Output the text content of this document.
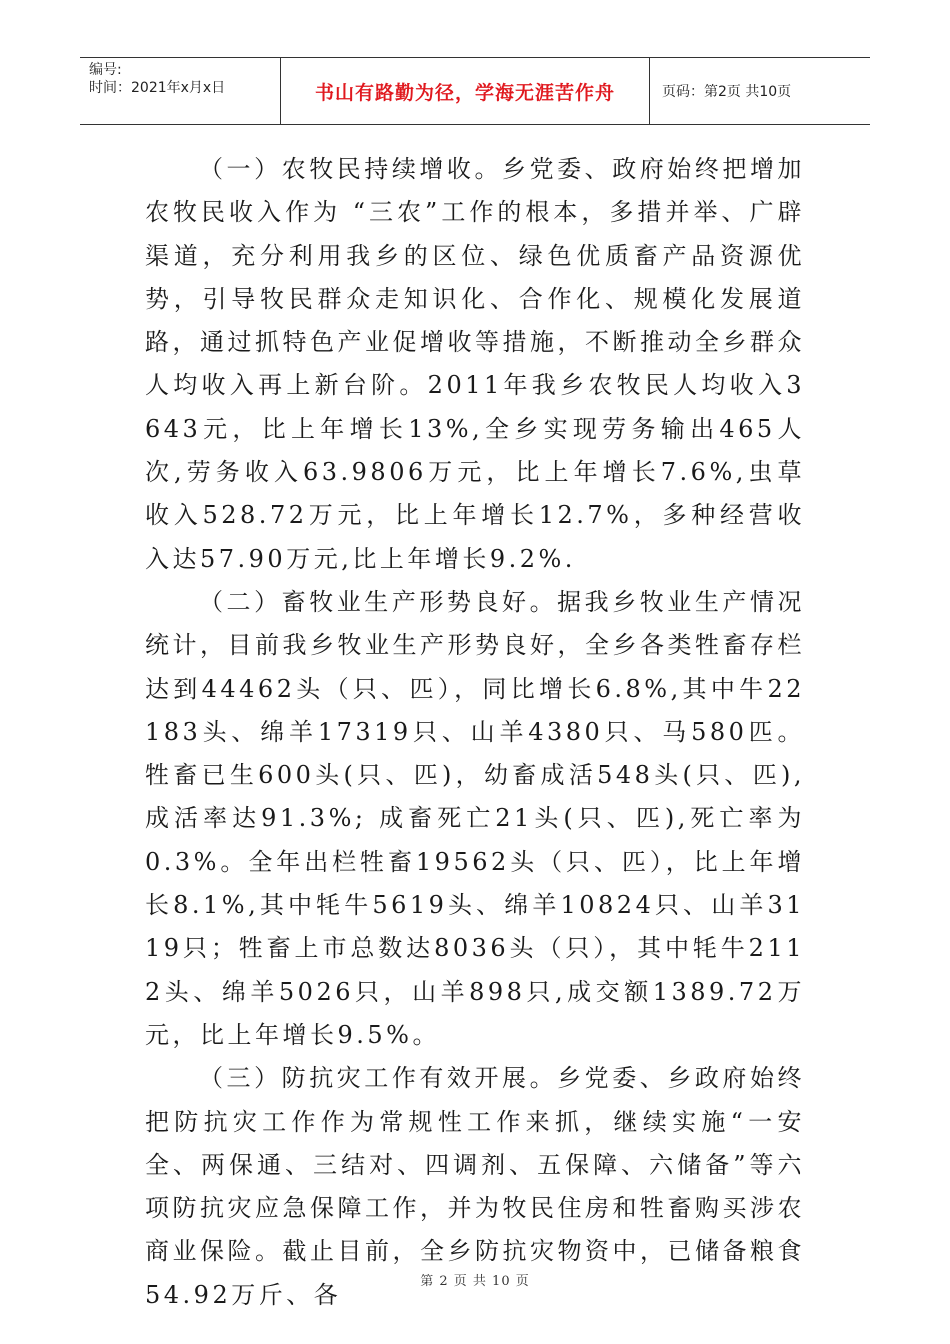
编号:
时间：2021年x月x日	书山有路勤为径，学海无涯苦作舟	页码：第2页 共10页

（一）农牧民持续增收。乡党委、政府始终把增加农牧民收入作为 “三农”工作的根本，多措并举、广辟渠道，充分利用我乡的区位、绿色优质畜产品资源优势，引导牧民群众走知识化、合作化、规模化发展道路，通过抓特色产业促增收等措施，不断推动全乡群众人均收入再上新台阶。2011年我乡农牧民人均收入3643元，比上年增长13%,全乡实现劳务输出465人次,劳务收入63.9806万元，比上年增长7.6%,虫草收入528.72万元，比上年增长12.7%，多种经营收入达57.90万元,比上年增长9.2%.

（二）畜牧业生产形势良好。据我乡牧业生产情况统计，目前我乡牧业生产形势良好，全乡各类牲畜存栏达到44462头（只、匹），同比增长6.8%,其中牛22183头、绵羊17319只、山羊4380只、马580匹。牲畜已生600头(只、匹)，幼畜成活548头(只、匹),成活率达91.3%; 成畜死亡21头(只、匹),死亡率为0.3%。全年出栏牲畜19562头（只、匹），比上年增长8.1%,其中牦牛5619头、绵羊10824只、山羊3119只；牲畜上市总数达8036头（只），其中牦牛2112头、绵羊5026只，山羊898只,成交额1389.72万元，比上年增长9.5%。

（三）防抗灾工作有效开展。乡党委、乡政府始终把防抗灾工作作为常规性工作来抓，继续实施“一安全、两保通、三结对、四调剂、五保障、六储备”等六项防抗灾应急保障工作，并为牧民住房和牲畜购买涉农商业保险。截止目前，全乡防抗灾物资中，已储备粮食54.92万斤、各	第 2 页 共 10 页
